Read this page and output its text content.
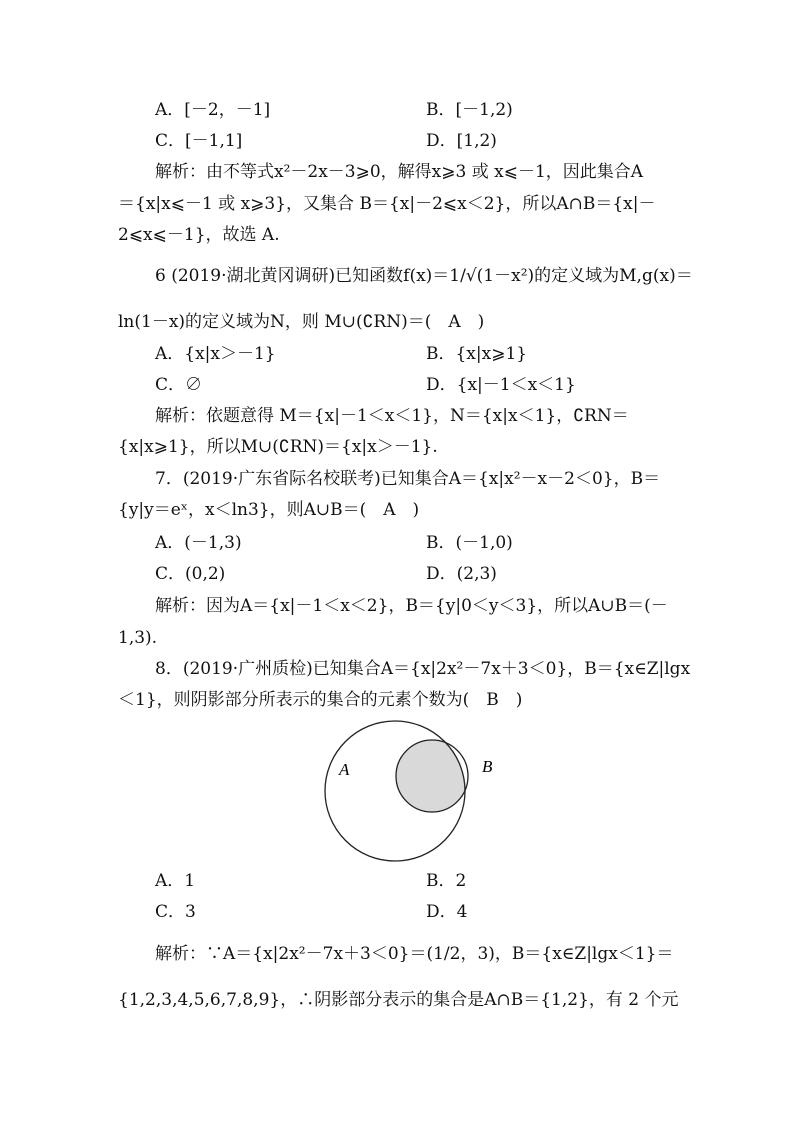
A．[－2，－1]	B．[－1,2)
C．[－1,1]	D．[1,2)
解析：由不等式x²－2x－3⩾0，解得x⩾3 或 x⩽－1，因此集合A
＝{x|x⩽－1 或 x⩾3}，又集合 B＝{x|－2⩽x＜2}，所以A∩B＝{x|－
2⩽x⩽－1}，故选 A.
6 (2019·湖北黄冈调研)已知函数f(x)＝1/√(1－x²)的定义域为M,g(x)＝
ln(1－x)的定义域为N，则 M∪(∁RN)＝(　A　)
A．{x|x＞－1}	B．{x|x⩾1}
C．∅	D．{x|－1＜x＜1}
解析：依题意得 M＝{x|－1＜x＜1}，N＝{x|x＜1}，∁RN＝
{x|x⩾1}，所以M∪(∁RN)＝{x|x＞－1}.
7．(2019·广东省际名校联考)已知集合A＝{x|x²－x－2＜0}，B＝
{y|y＝eˣ，x＜ln3}，则A∪B＝(　A　)
A．(－1,3)	B．(－1,0)
C．(0,2)	D．(2,3)
解析：因为A＝{x|－1＜x＜2}，B＝{y|0＜y＜3}，所以A∪B＝(－
1,3).
8．(2019·广州质检)已知集合A＝{x|2x²－7x＋3＜0}，B＝{x∈Z|lgx
＜1}，则阴影部分所表示的集合的元素个数为(　B　)
A	B
A．1	B．2
C．3	D．4
解析：∵A＝{x|2x²－7x＋3＜0}＝(1/2，3)，B＝{x∈Z|lgx＜1}＝
{1,2,3,4,5,6,7,8,9}，∴阴影部分表示的集合是A∩B＝{1,2}，有 2 个元
